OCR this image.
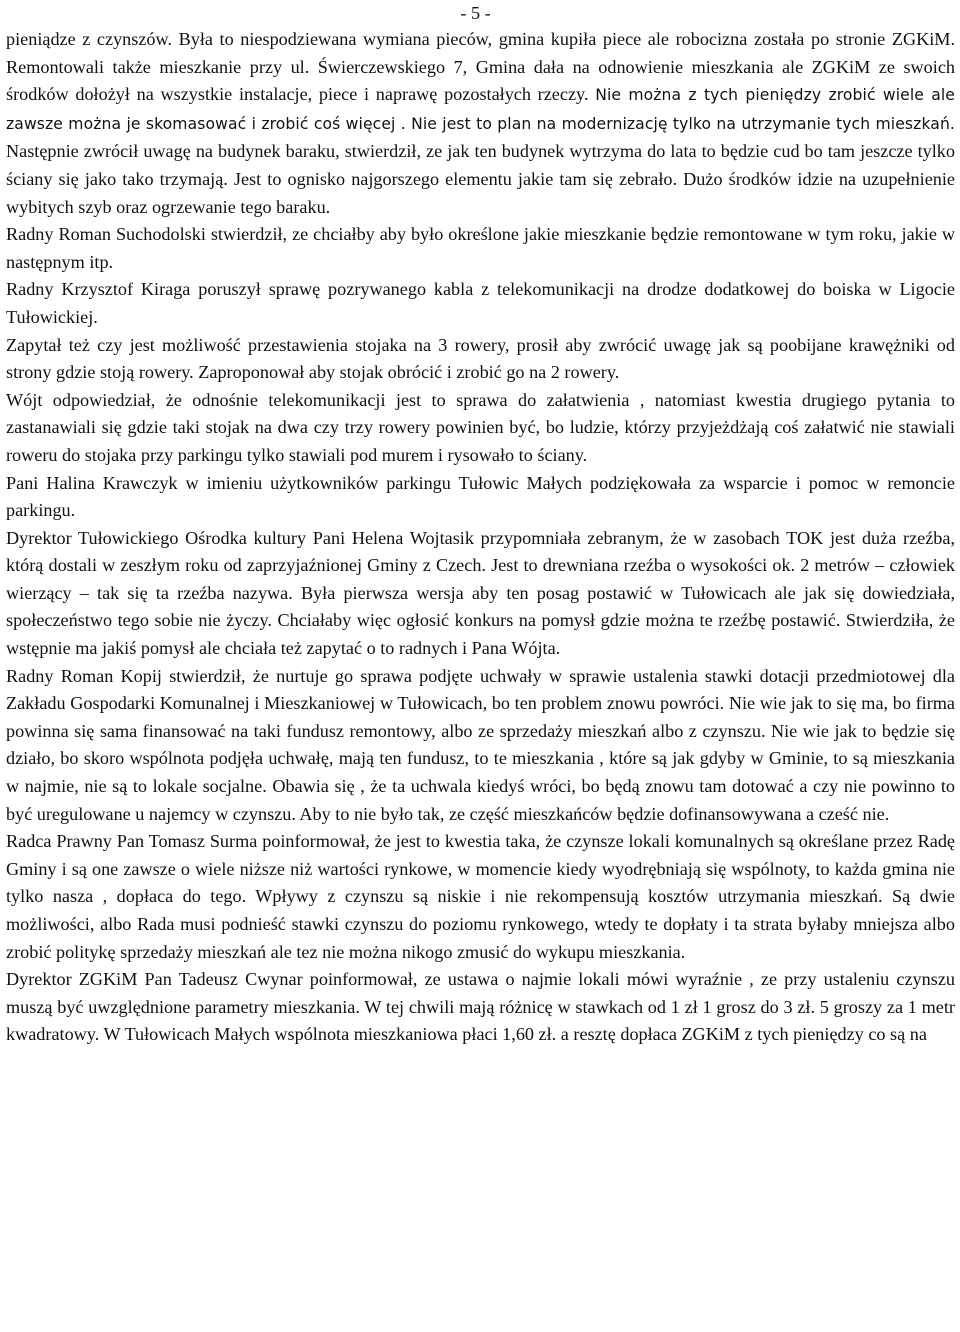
- 5 -

pieniądze z czynszów. Była to niespodziewana wymiana pieców, gmina kupiła piece ale robocizna została po stronie ZGKiM. Remontowali także mieszkanie przy ul. Świerczewskiego 7, Gmina dała na odnowienie mieszkania ale ZGKiM ze swoich środków dołożył na wszystkie instalacje, piece i naprawę pozostałych rzeczy. Nie można z tych pieniędzy zrobić wiele ale zawsze można je skomasować i zrobić coś więcej . Nie jest to plan na modernizację tylko na utrzymanie tych mieszkań. Następnie zwrócił uwagę na budynek baraku, stwierdził, ze jak ten budynek wytrzyma do lata to będzie cud bo tam jeszcze tylko ściany się jako tako trzymają. Jest to ognisko najgorszego elementu jakie tam się zebrało. Dużo środków idzie na uzupełnienie wybitych szyb oraz ogrzewanie tego baraku.

Radny Roman Suchodolski stwierdził, ze chciałby aby było określone jakie mieszkanie będzie remontowane w tym roku, jakie w następnym itp.

Radny Krzysztof Kiraga poruszył sprawę pozrywanego kabla z telekomunikacji na drodze dodatkowej do boiska w Ligocie Tułowickiej.

Zapytał też czy jest możliwość przestawienia stojaka na 3 rowery, prosił aby zwrócić uwagę jak są poobijane krawężniki od strony gdzie stoją rowery. Zaproponował aby stojak obrócić i zrobić go na 2 rowery.

Wójt odpowiedział, że odnośnie telekomunikacji jest to sprawa do załatwienia , natomiast kwestia drugiego pytania to zastanawiali się gdzie taki stojak na dwa czy trzy rowery powinien być, bo ludzie, którzy przyjeżdżają coś załatwić nie stawiali roweru do stojaka przy parkingu tylko stawiali pod murem i rysowało to ściany.

Pani Halina Krawczyk w imieniu użytkowników parkingu Tułowic Małych podziękowała za wsparcie i pomoc w remoncie parkingu.

Dyrektor Tułowickiego Ośrodka kultury Pani Helena Wojtasik przypomniała zebranym, że w zasobach TOK jest duża rzeźba, którą dostali w zeszłym roku od zaprzyjaźnionej Gminy z Czech. Jest to drewniana rzeźba o wysokości ok. 2 metrów – człowiek wierzący – tak się ta rzeźba nazywa. Była pierwsza wersja aby ten posag postawić w Tułowicach ale jak się dowiedziała, społeczeństwo tego sobie nie życzy. Chciałaby więc ogłosić konkurs na pomysł gdzie można te rzeźbę postawić. Stwierdziła, że wstępnie ma jakiś pomysł ale chciała też zapytać o to radnych i Pana Wójta.

Radny Roman Kopij stwierdził, że nurtuje go sprawa podjęte uchwały w sprawie ustalenia stawki dotacji przedmiotowej dla Zakładu Gospodarki Komunalnej i Mieszkaniowej w Tułowicach, bo ten problem znowu powróci. Nie wie jak to się ma, bo firma powinna się sama finansować na taki fundusz remontowy, albo ze sprzedaży mieszkań albo z czynszu. Nie wie jak to będzie się działo, bo skoro wspólnota podjęła uchwałę, mają ten fundusz, to te mieszkania , które są jak gdyby w Gminie, to są mieszkania w najmie, nie są to lokale socjalne. Obawia się , że ta uchwala kiedyś wróci, bo będą znowu tam dotować a czy nie powinno to być uregulowane u najemcy w czynszu. Aby to nie było tak, ze część mieszkańców będzie dofinansowywana a cześć nie.

Radca Prawny Pan Tomasz Surma poinformował, że jest to kwestia taka, że czynsze lokali komunalnych są określane przez Radę Gminy i są one zawsze o wiele niższe niż wartości rynkowe, w momencie kiedy wyodrębniają się wspólnoty, to każda gmina nie tylko nasza , dopłaca do tego. Wpływy z czynszu są niskie i nie rekompensują kosztów utrzymania mieszkań. Są dwie możliwości, albo Rada musi podnieść stawki czynszu do poziomu rynkowego, wtedy te dopłaty i ta strata byłaby mniejsza albo zrobić politykę sprzedaży mieszkań ale tez nie można nikogo zmusić do wykupu mieszkania.

Dyrektor ZGKiM Pan Tadeusz Cwynar poinformował, ze ustawa o najmie lokali mówi wyraźnie , ze przy ustaleniu czynszu muszą być uwzględnione parametry mieszkania. W tej chwili mają różnicę w stawkach od 1 zł 1 grosz do 3 zł. 5 groszy za 1 metr kwadratowy. W Tułowicach Małych wspólnota mieszkaniowa płaci 1,60 zł. a resztę dopłaca ZGKiM z tych pieniędzy co są na
